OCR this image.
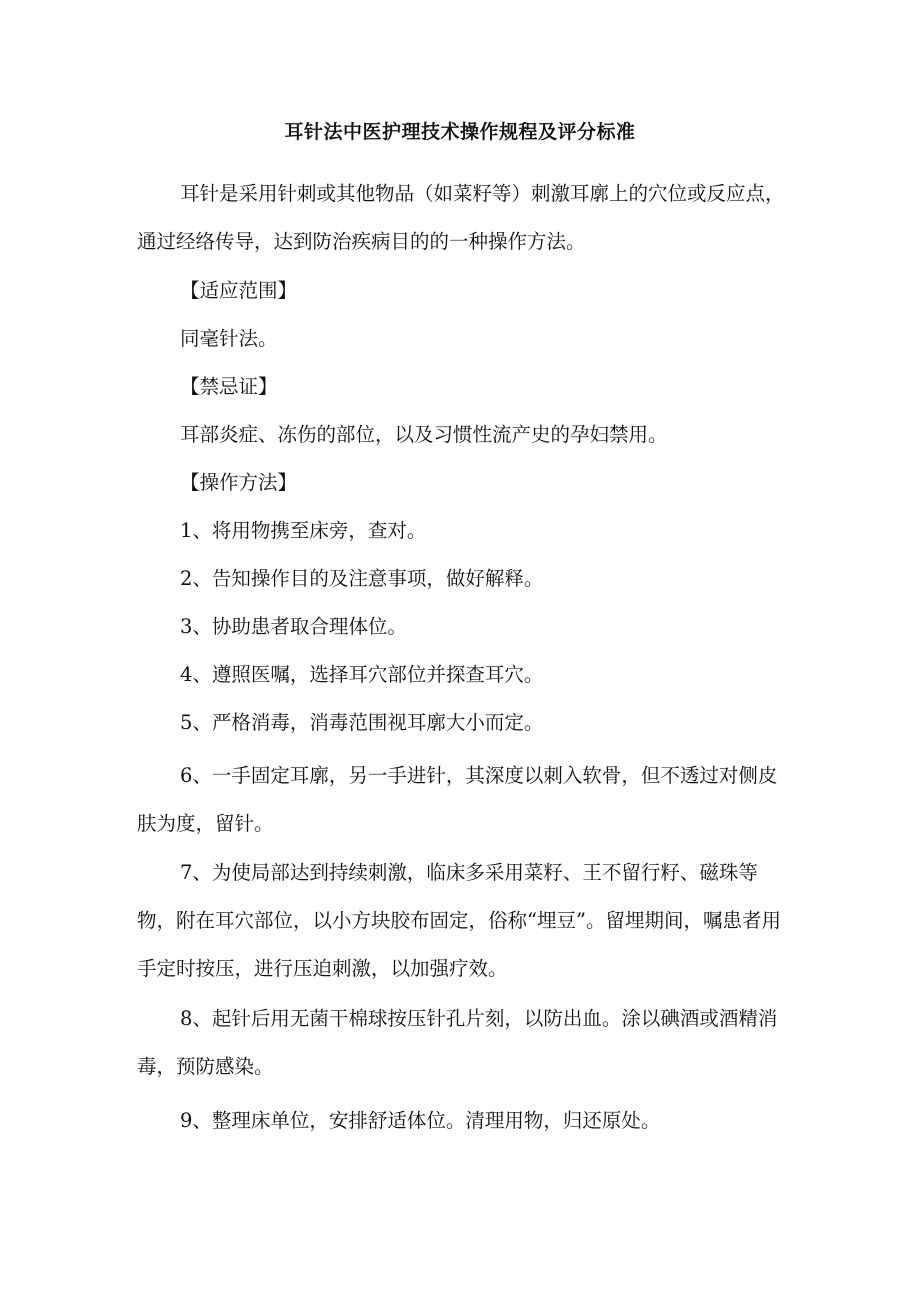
耳针法中医护理技术操作规程及评分标准

耳针是采用针刺或其他物品（如菜籽等）刺激耳廓上的穴位或反应点，通过经络传导，达到防治疾病目的的一种操作方法。

【适应范围】

同毫针法。

【禁忌证】

耳部炎症、冻伤的部位，以及习惯性流产史的孕妇禁用。

【操作方法】

1、将用物携至床旁，查对。

2、告知操作目的及注意事项，做好解释。

3、协助患者取合理体位。

4、遵照医嘱，选择耳穴部位并探查耳穴。

5、严格消毒，消毒范围视耳廓大小而定。

6、一手固定耳廓，另一手进针，其深度以刺入软骨，但不透过对侧皮肤为度，留针。

7、为使局部达到持续刺激，临床多采用菜籽、王不留行籽、磁珠等物，附在耳穴部位，以小方块胶布固定，俗称“埋豆”。留埋期间，嘱患者用手定时按压，进行压迫刺激，以加强疗效。

8、起针后用无菌干棉球按压针孔片刻，以防出血。涂以碘酒或酒精消毒，预防感染。

9、整理床单位，安排舒适体位。清理用物，归还原处。
